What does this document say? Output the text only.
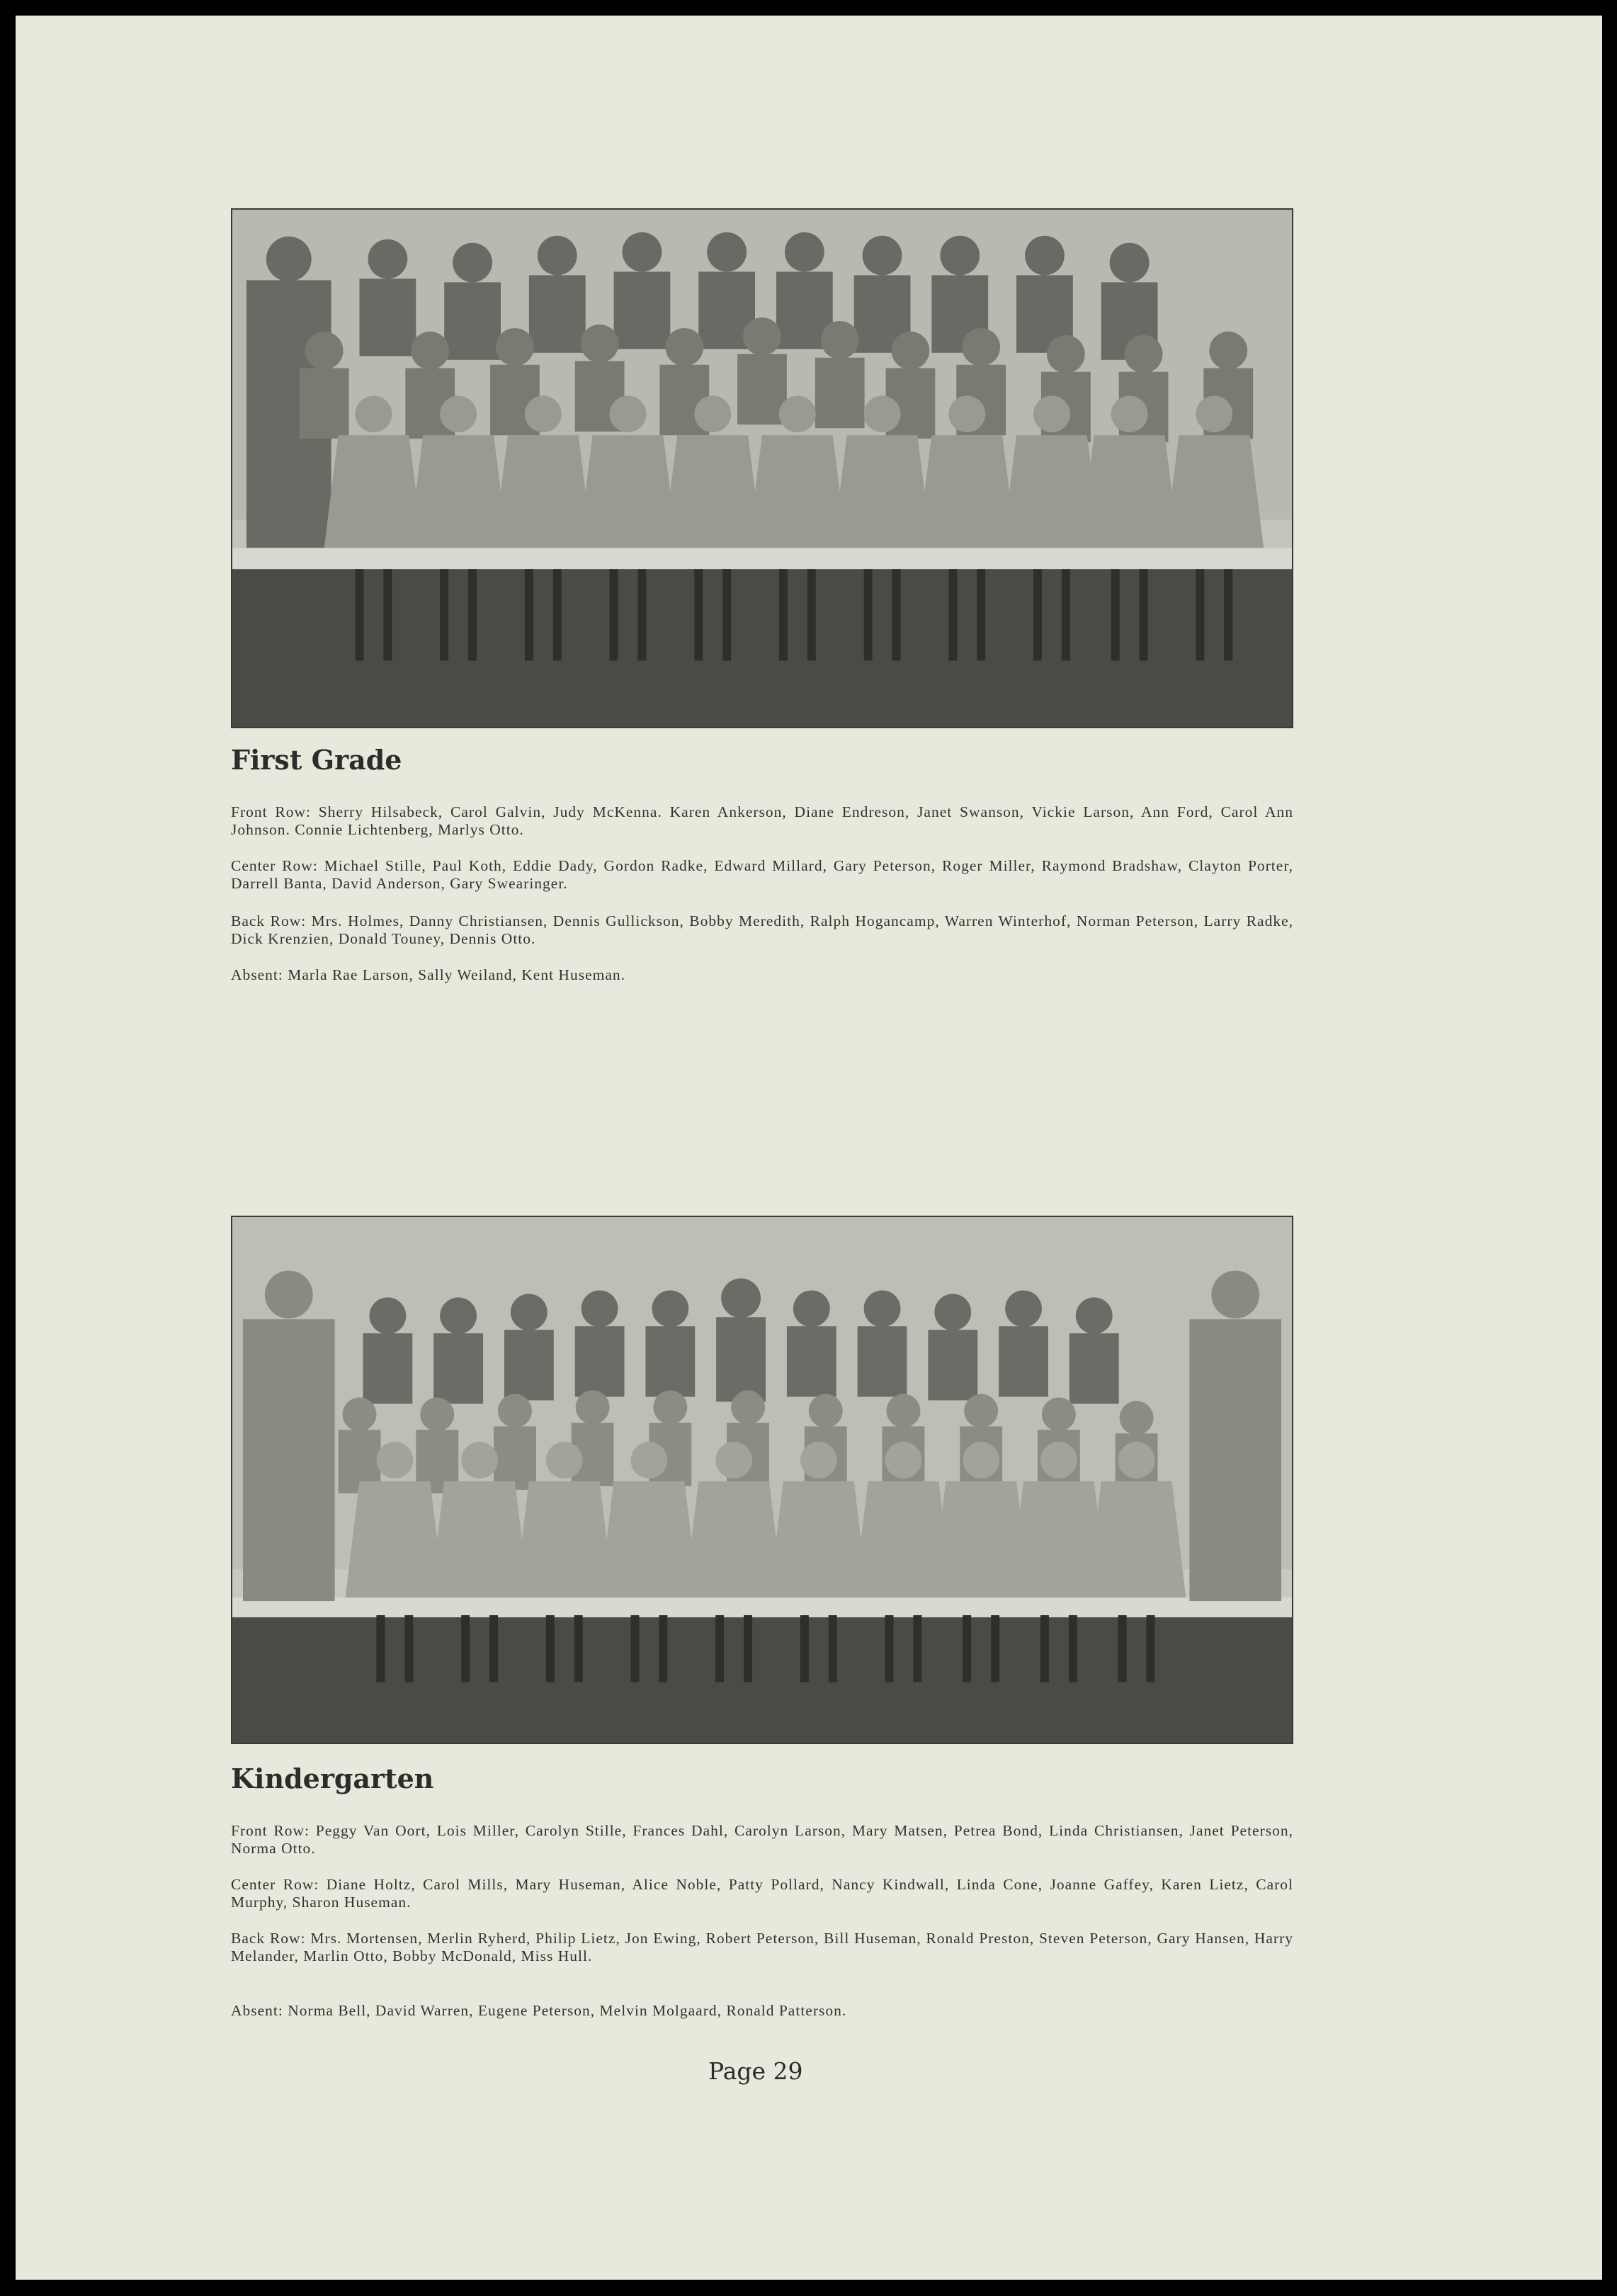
First Grade

Front Row: Sherry Hilsabeck, Carol Galvin, Judy McKenna. Karen Ankerson, Diane Endreson, Janet Swanson, Vickie Larson, Ann Ford, Carol Ann Johnson. Connie Lichtenberg, Marlys Otto.

Center Row: Michael Stille, Paul Koth, Eddie Dady, Gordon Radke, Edward Millard, Gary Peterson, Roger Miller, Raymond Bradshaw, Clayton Porter, Darrell Banta, David Anderson, Gary Swearinger.

Back Row: Mrs. Holmes, Danny Christiansen, Dennis Gullickson, Bobby Meredith, Ralph Hogancamp, Warren Winterhof, Norman Peterson, Larry Radke, Dick Krenzien, Donald Touney, Dennis Otto.

Absent: Marla Rae Larson, Sally Weiland, Kent Huseman.

Kindergarten

Front Row: Peggy Van Oort, Lois Miller, Carolyn Stille, Frances Dahl, Carolyn Larson, Mary Matsen, Petrea Bond, Linda Christiansen, Janet Peterson, Norma Otto.

Center Row: Diane Holtz, Carol Mills, Mary Huseman, Alice Noble, Patty Pollard, Nancy Kindwall, Linda Cone, Joanne Gaffey, Karen Lietz, Carol Murphy, Sharon Huseman.

Back Row: Mrs. Mortensen, Merlin Ryherd, Philip Lietz, Jon Ewing, Robert Peterson, Bill Huseman, Ronald Preston, Steven Peterson, Gary Hansen, Harry Melander, Marlin Otto, Bobby McDonald, Miss Hull.

Absent: Norma Bell, David Warren, Eugene Peterson, Melvin Molgaard, Ronald Patterson.

Page 29
